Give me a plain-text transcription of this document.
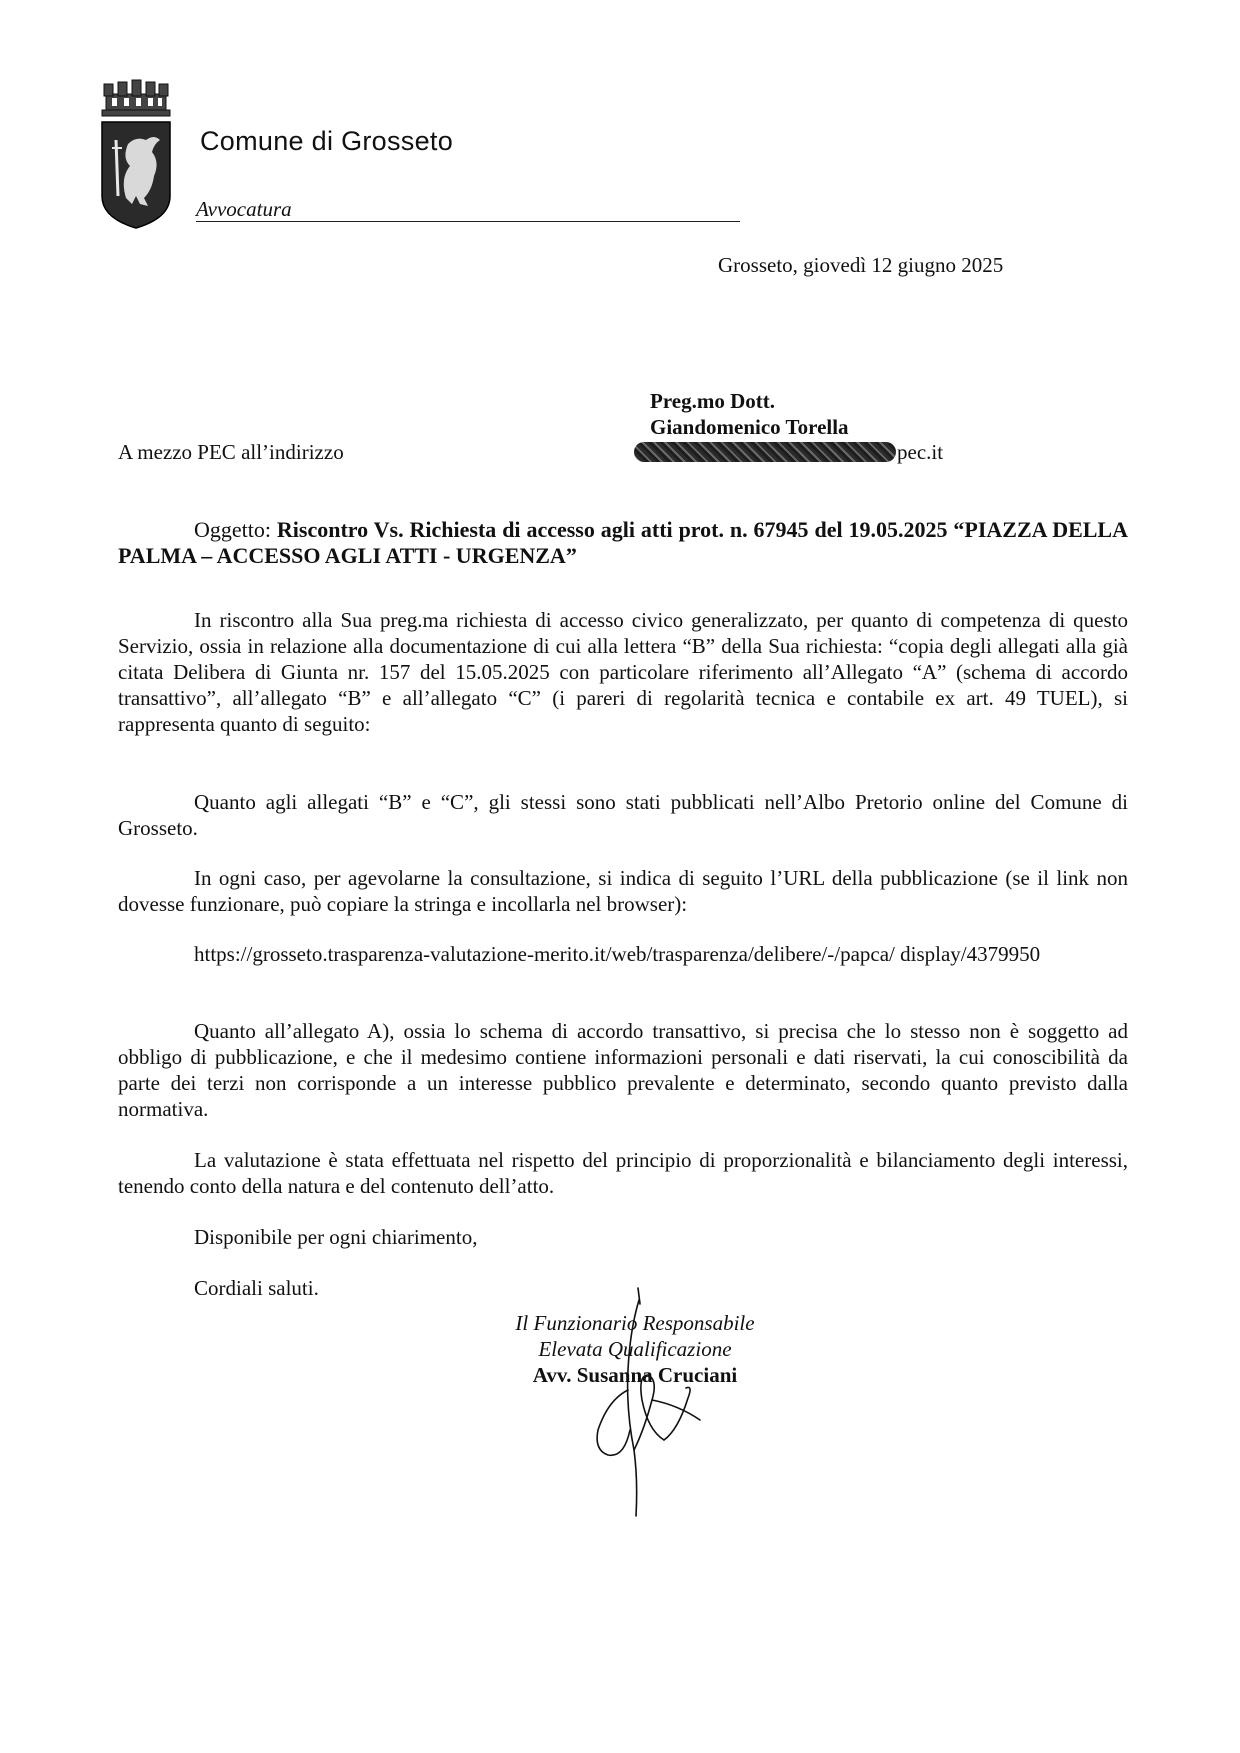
Comune di Grosseto
Avvocatura
Grosseto, giovedì 12 giugno 2025
Preg.mo Dott.
Giandomenico Torella
A mezzo PEC all’indirizzo	pec.it
Oggetto: Riscontro Vs. Richiesta di accesso agli atti prot. n. 67945 del 19.05.2025 “PIAZZA DELLA PALMA – ACCESSO AGLI ATTI - URGENZA”

In riscontro alla Sua preg.ma richiesta di accesso civico generalizzato, per quanto di competenza di questo Servizio, ossia in relazione alla documentazione di cui alla lettera “B” della Sua richiesta: “copia degli allegati alla già citata Delibera di Giunta nr. 157 del 15.05.2025 con particolare riferimento all’Allegato “A” (schema di accordo transattivo”, all’allegato “B” e all’allegato “C” (i pareri di regolarità tecnica e contabile ex art. 49 TUEL), si rappresenta quanto di seguito:

Quanto agli allegati “B” e “C”, gli stessi sono stati pubblicati nell’Albo Pretorio online del Comune di Grosseto.

In ogni caso, per agevolarne la consultazione, si indica di seguito l’URL della pubblicazione (se il link non dovesse funzionare, può copiare la stringa e incollarla nel browser):

https://grosseto.trasparenza-valutazione-merito.it/web/trasparenza/delibere/-/papca/ display/4379950

Quanto all’allegato A), ossia lo schema di accordo transattivo, si precisa che lo stesso non è soggetto ad obbligo di pubblicazione, e che il medesimo contiene informazioni personali e dati riservati, la cui conoscibilità da parte dei terzi non corrisponde a un interesse pubblico prevalente e determinato, secondo quanto previsto dalla normativa.

La valutazione è stata effettuata nel rispetto del principio di proporzionalità e bilanciamento degli interessi, tenendo conto della natura e del contenuto dell’atto.

Disponibile per ogni chiarimento,
Cordiali saluti.
Il Funzionario Responsabile
Elevata Qualificazione
Avv. Susanna Cruciani
